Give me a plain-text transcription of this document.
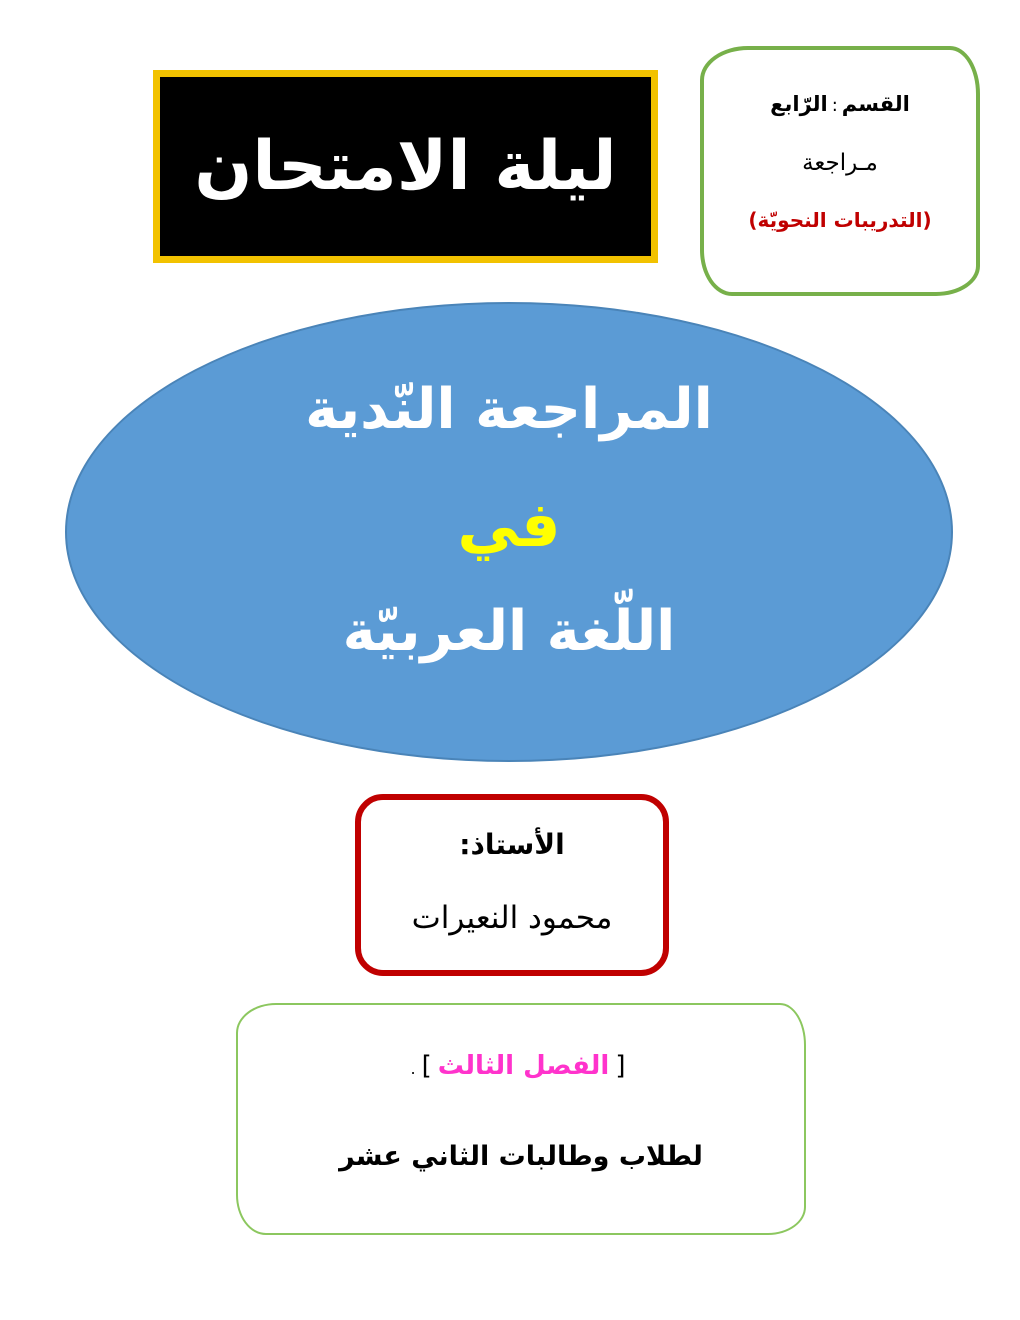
ليلة الامتحان
القسم:الرّابع
مـراجعة
(التدريبات النحويّة)
المراجعة النّدية
في
اللّغة العربيّة
الأستاذ:
محمود النعيرات
[الفصل الثالث].
لطلاب وطالبات الثاني عشر
